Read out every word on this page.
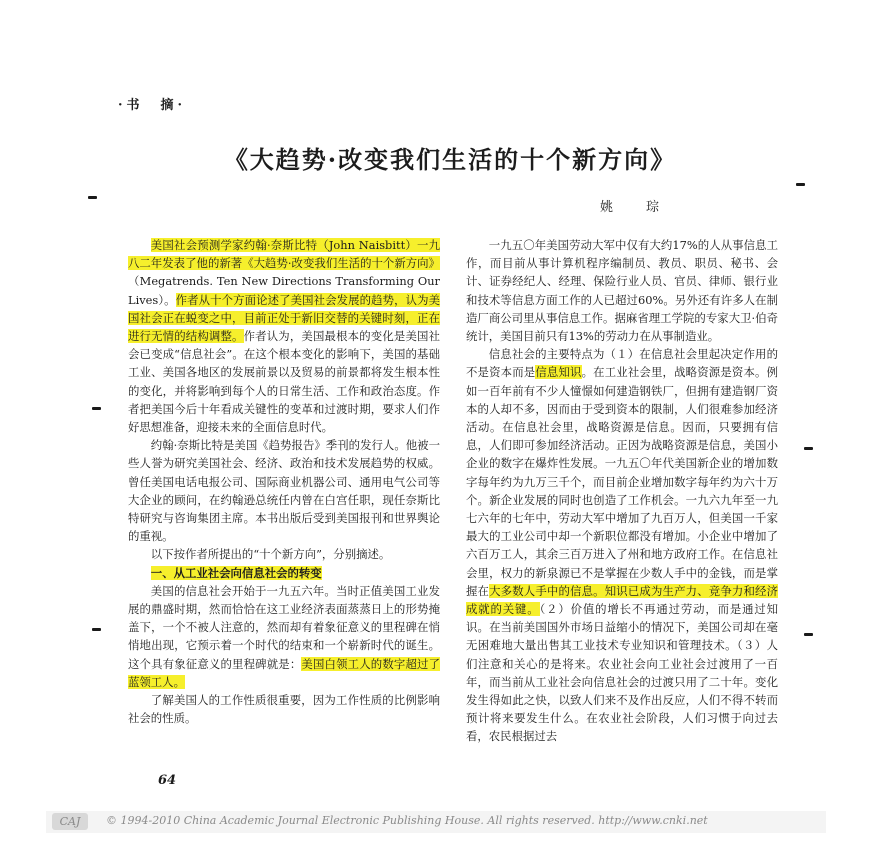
·书　摘·
《大趋势·改变我们生活的十个新方向》
姚　琮

美国社会预测学家约翰·奈斯比特（John Naisbitt）一九八二年发表了他的新著《大趋势·改变我们生活的十个新方向》（Megatrends. Ten New Directions Transforming Our Lives）。作者从十个方面论述了美国社会发展的趋势，认为美国社会正在蜕变之中，目前正处于新旧交替的关键时刻，正在进行无情的结构调整。作者认为，美国最根本的变化是美国社会已变成“信息社会”。在这个根本变化的影响下，美国的基础工业、美国各地区的发展前景以及贸易的前景都将发生根本性的变化，并将影响到每个人的日常生活、工作和政治态度。作者把美国今后十年看成关键性的变革和过渡时期，要求人们作好思想准备，迎接未来的全面信息时代。

约翰·奈斯比特是美国《趋势报告》季刊的发行人。他被一些人誉为研究美国社会、经济、政治和技术发展趋势的权威。曾任美国电话电报公司、国际商业机器公司、通用电气公司等大企业的顾问，在约翰逊总统任内曾在白宫任职，现任奈斯比特研究与咨询集团主席。本书出版后受到美国报刊和世界舆论的重视。

以下按作者所提出的“十个新方向”，分别摘述。

一、从工业社会向信息社会的转变

美国的信息社会开始于一九五六年。当时正值美国工业发展的鼎盛时期，然而恰恰在这工业经济表面蒸蒸日上的形势掩盖下，一个不被人注意的，然而却有着象征意义的里程碑在悄悄地出现，它预示着一个时代的结束和一个崭新时代的诞生。这个具有象征意义的里程碑就是：美国白领工人的数字超过了蓝领工人。

了解美国人的工作性质很重要，因为工作性质的比例影响社会的性质。

一九五〇年美国劳动大军中仅有大约17%的人从事信息工作，而目前从事计算机程序编制员、教员、职员、秘书、会计、证券经纪人、经理、保险行业人员、官员、律师、银行业和技术等信息方面工作的人已超过60%。另外还有许多人在制造厂商公司里从事信息工作。据麻省理工学院的专家大卫·伯奇统计，美国目前只有13%的劳动力在从事制造业。

信息社会的主要特点为（１）在信息社会里起决定作用的不是资本而是信息知识。在工业社会里，战略资源是资本。例如一百年前有不少人憧憬如何建造钢铁厂，但拥有建造钢厂资本的人却不多，因而由于受到资本的限制，人们很难参加经济活动。在信息社会里，战略资源是信息。因而，只要拥有信息，人们即可参加经济活动。正因为战略资源是信息，美国小企业的数字在爆炸性发展。一九五〇年代美国新企业的增加数字每年约为九万三千个，而目前企业增加数字每年约为六十万个。新企业发展的同时也创造了工作机会。一九六九年至一九七六年的七年中，劳动大军中增加了九百万人，但美国一千家最大的工业公司中却一个新职位都没有增加。小企业中增加了六百万工人，其余三百万进入了州和地方政府工作。在信息社会里，权力的新泉源已不是掌握在少数人手中的金钱，而是掌握在大多数人手中的信息。知识已成为生产力、竞争力和经济成就的关键。（２）价值的增长不再通过劳动，而是通过知识。在当前美国国外市场日益缩小的情况下，美国公司却在毫无困难地大量出售其工业技术专业知识和管理技术。（３）人们注意和关心的是将来。农业社会向工业社会过渡用了一百年，而当前从工业社会向信息社会的过渡只用了二十年。变化发生得如此之快，以致人们来不及作出反应，人们不得不转而预计将来要发生什么。在农业社会阶段，人们习惯于向过去看，农民根据过去

64
CAJ	© 1994-2010 China Academic Journal Electronic Publishing House. All rights reserved. http://www.cnki.net
